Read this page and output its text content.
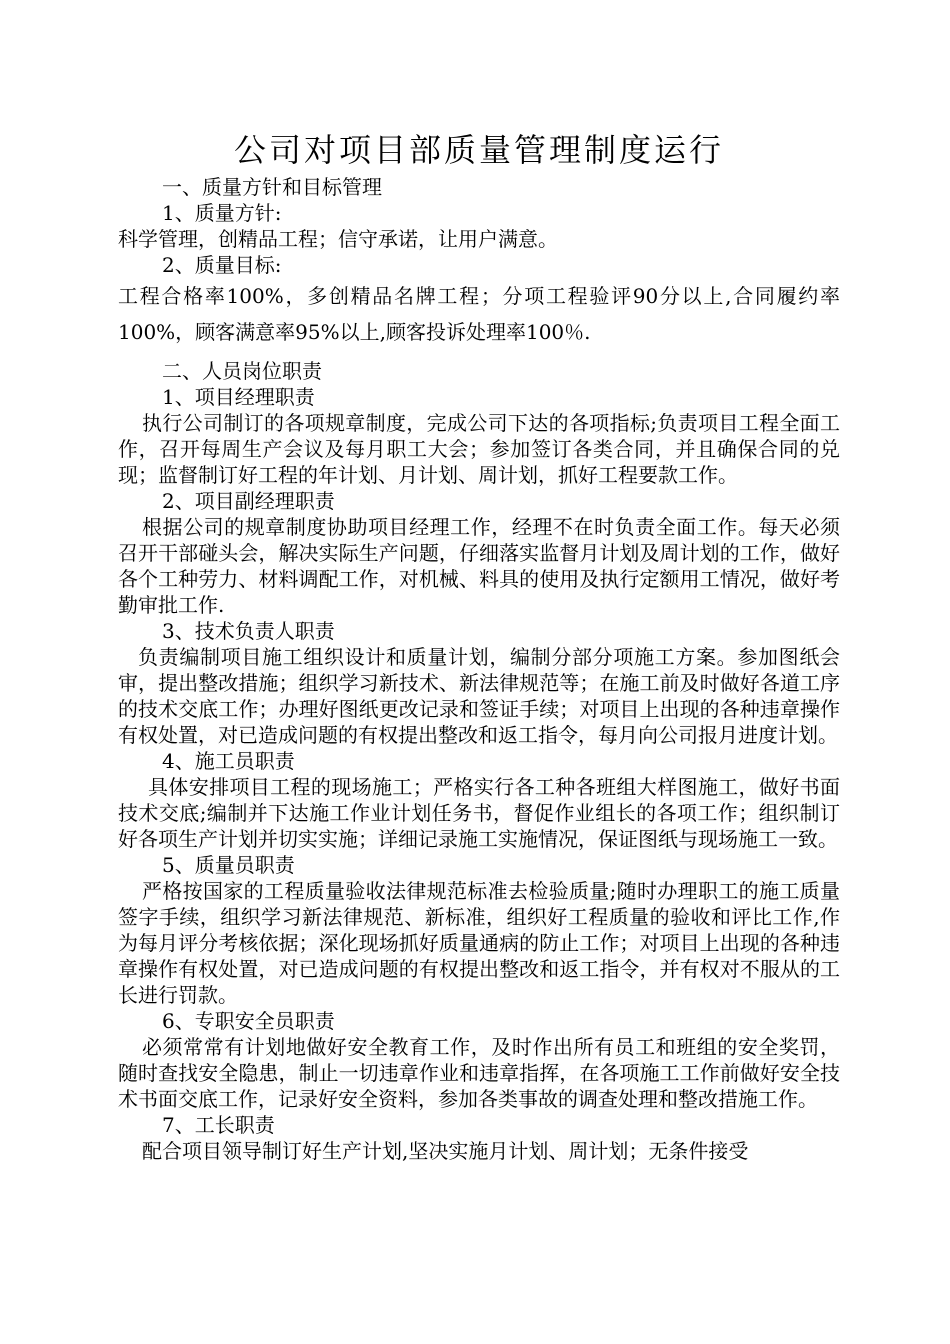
公司对项目部质量管理制度运行
一、质量方针和目标管理
1、质量方针:
科学管理，创精品工程；信守承诺，让用户满意。
2、质量目标:
工程合格率100%，多创精品名牌工程；分项工程验评90分以上,合同履约率100%，顾客满意率95%以上,顾客投诉处理率100％.
二、人员岗位职责
1、项目经理职责
执行公司制订的各项规章制度，完成公司下达的各项指标;负责项目工程全面工作，召开每周生产会议及每月职工大会；参加签订各类合同，并且确保合同的兑现；监督制订好工程的年计划、月计划、周计划，抓好工程要款工作。
2、项目副经理职责
根据公司的规章制度协助项目经理工作，经理不在时负责全面工作。每天必须召开干部碰头会，解决实际生产问题，仔细落实监督月计划及周计划的工作，做好各个工种劳力、材料调配工作，对机械、料具的使用及执行定额用工情况，做好考勤审批工作.
3、技术负责人职责
负责编制项目施工组织设计和质量计划，编制分部分项施工方案。参加图纸会审，提出整改措施；组织学习新技术、新法律规范等；在施工前及时做好各道工序的技术交底工作；办理好图纸更改记录和签证手续；对项目上出现的各种违章操作有权处置，对已造成问题的有权提出整改和返工指令，每月向公司报月进度计划。
4、施工员职责
具体安排项目工程的现场施工；严格实行各工种各班组大样图施工，做好书面技术交底;编制并下达施工作业计划任务书，督促作业组长的各项工作；组织制订好各项生产计划并切实实施；详细记录施工实施情况，保证图纸与现场施工一致。
5、质量员职责
严格按国家的工程质量验收法律规范标准去检验质量;随时办理职工的施工质量签字手续，组织学习新法律规范、新标准，组织好工程质量的验收和评比工作,作为每月评分考核依据；深化现场抓好质量通病的防止工作；对项目上出现的各种违章操作有权处置，对已造成问题的有权提出整改和返工指令，并有权对不服从的工长进行罚款。
6、专职安全员职责
必须常常有计划地做好安全教育工作，及时作出所有员工和班组的安全奖罚，随时查找安全隐患，制止一切违章作业和违章指挥，在各项施工工作前做好安全技术书面交底工作，记录好安全资料，参加各类事故的调查处理和整改措施工作。
7、工长职责
配合项目领导制订好生产计划,坚决实施月计划、周计划；无条件接受
